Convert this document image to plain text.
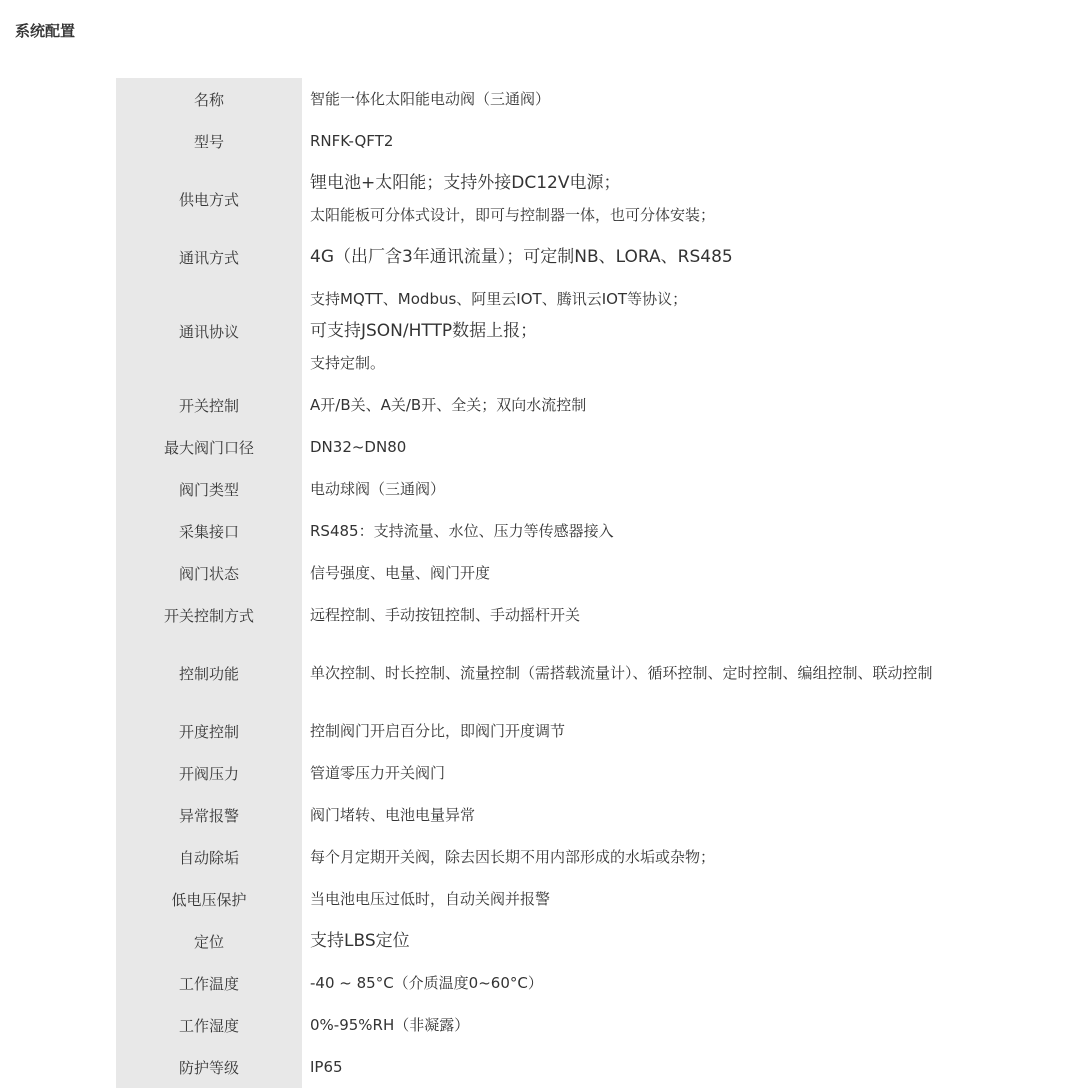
系统配置
名称	智能一体化太阳能电动阀（三通阀）

型号	RNFK-QFT2

供电方式	锂电池+太阳能；支持外接DC12V电源；
太阳能板可分体式设计，即可与控制器一体，也可分体安装；

通讯方式	4G（出厂含3年通讯流量）；可定制NB、LORA、RS485

通讯协议	支持MQTT、Modbus、阿里云IOT、腾讯云IOT等协议；
可支持JSON/HTTP数据上报；
支持定制。

开关控制	A开/B关、A关/B开、全关；双向水流控制

最大阀门口径	DN32~DN80

阀门类型	电动球阀（三通阀）

采集接口	RS485：支持流量、水位、压力等传感器接入

阀门状态	信号强度、电量、阀门开度

开关控制方式	远程控制、手动按钮控制、手动摇杆开关

控制功能	单次控制、时长控制、流量控制（需搭载流量计）、循环控制、定时控制、编组控制、联动控制

开度控制	控制阀门开启百分比，即阀门开度调节

开阀压力	管道零压力开关阀门

异常报警	阀门堵转、电池电量异常

自动除垢	每个月定期开关阀，除去因长期不用内部形成的水垢或杂物；

低电压保护	当电池电压过低时，自动关阀并报警

定位	支持LBS定位

工作温度	-40 ~ 85°C（介质温度0~60°C）

工作湿度	0%-95%RH（非凝露）

防护等级	IP65
